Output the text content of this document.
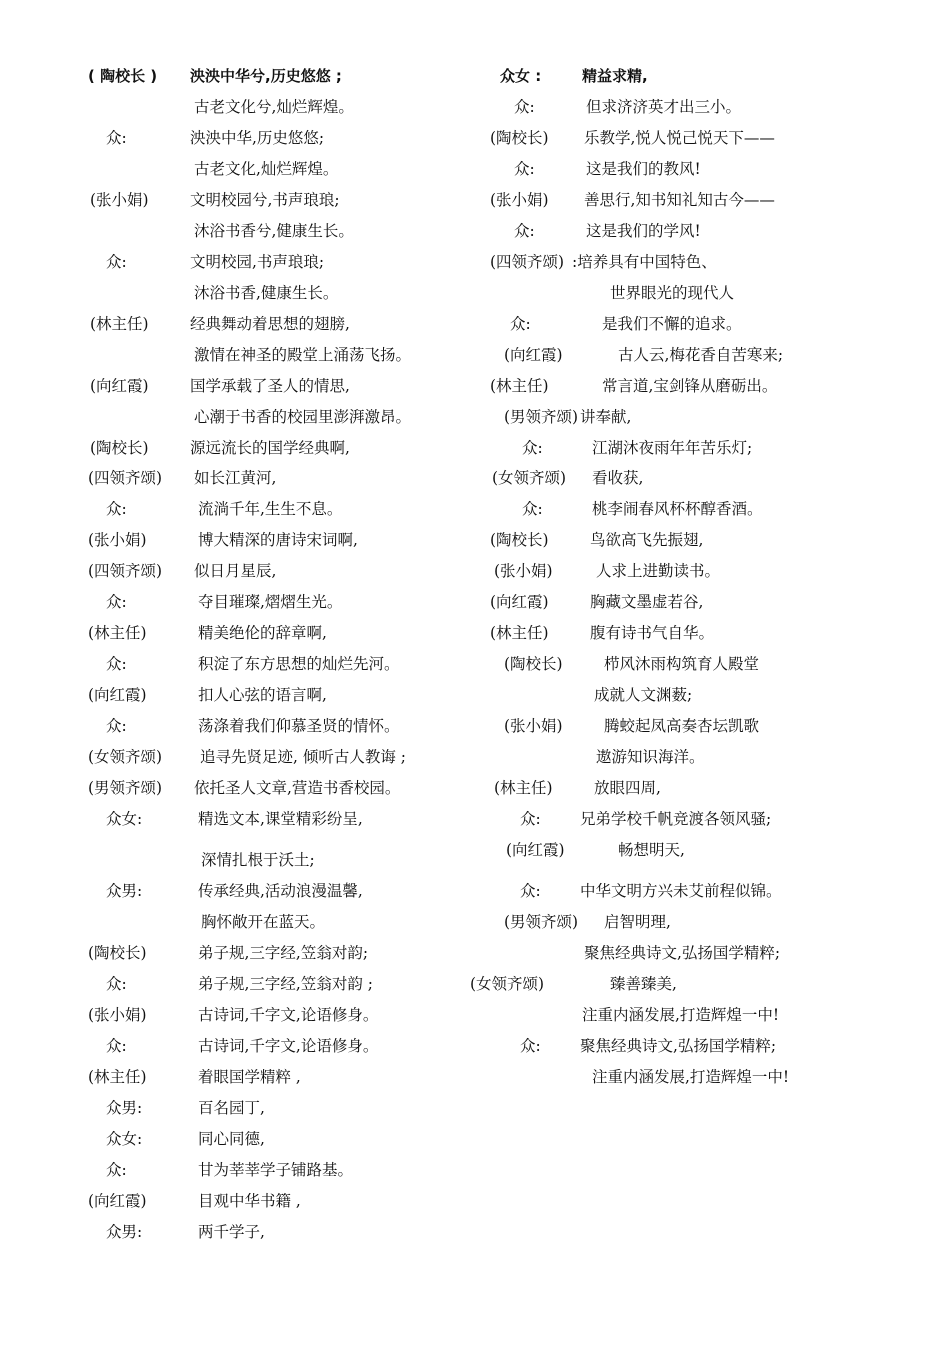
( 陶校长 ) 泱泱中华兮,历史悠悠 ;
古老文化兮,灿烂辉煌。
众:	泱泱中华,历史悠悠;
古老文化,灿烂辉煌。
(张小娟)	文明校园兮,书声琅琅;
沐浴书香兮,健康生长。
众:	文明校园,书声琅琅;
沐浴书香,健康生长。
(林主任)	经典舞动着思想的翅膀,
激情在神圣的殿堂上涌荡飞扬。
(向红霞)	国学承载了圣人的情思,
心潮于书香的校园里澎湃激昂。
(陶校长)	源远流长的国学经典啊,
(四领齐颂) 如长江黄河,
众:	流淌千年,生生不息。
(张小娟)	博大精深的唐诗宋词啊,
(四领齐颂) 似日月星辰,
众:	夺目璀璨,熠熠生光。
(林主任)	精美绝伦的辞章啊,
众:	积淀了东方思想的灿烂先河。
(向红霞)	扣人心弦的语言啊,
众:	荡涤着我们仰慕圣贤的情怀。
(女领齐颂) 追寻先贤足迹, 倾听古人教诲 ;
(男领齐颂) 依托圣人文章,营造书香校园。
众女:	精选文本,课堂精彩纷呈,
深情扎根于沃土;
众男:	传承经典,活动浪漫温馨,
胸怀敞开在蓝天。
(陶校长)	弟子规,三字经,笠翁对韵;
众:	弟子规,三字经,笠翁对韵 ;
(张小娟)	古诗词,千字文,论语修身。
众:	古诗词,千字文,论语修身。
(林主任)	着眼国学精粹 ,
众男:	百名园丁,
众女:	同心同德,
众:	甘为莘莘学子铺路基。
(向红霞)	目观中华书籍 ,
众男:	两千学子,
众女 :	精益求精,
众:	但求济济英才出三小。
(陶校长) 乐教学,悦人悦己悦天下——
众:	这是我们的教风!
(张小娟) 善思行,知书知礼知古今——
众:	这是我们的学风!
(四领齐颂) :培养具有中国特色、
世界眼光的现代人
众:	是我们不懈的追求。
(向红霞)	古人云,梅花香自苦寒来;
(林主任)	常言道,宝剑锋从磨砺出。
(男领齐颂) 讲奉献,
众:	江湖沐夜雨年年苦乐灯;
(女领齐颂) 看收获,
众:	桃李闹春风杯杯醇香酒。
(陶校长)	鸟欲高飞先振翅,
(张小娟)	人求上进勤读书。
(向红霞)	胸藏文墨虚若谷,
(林主任)	腹有诗书气自华。
(陶校长)	栉风沐雨构筑育人殿堂
成就人文渊薮;
(张小娟)	腾蛟起凤高奏杏坛凯歌
遨游知识海洋。
(林主任)	放眼四周,
众:	兄弟学校千帆竞渡各领风骚;
(向红霞)	畅想明天,
众:	中华文明方兴未艾前程似锦。
(男领齐颂) 启智明理,
聚焦经典诗文,弘扬国学精粹;
(女领齐颂)	臻善臻美,
注重内涵发展,打造辉煌一中!
众:	聚焦经典诗文,弘扬国学精粹;
注重内涵发展,打造辉煌一中!
